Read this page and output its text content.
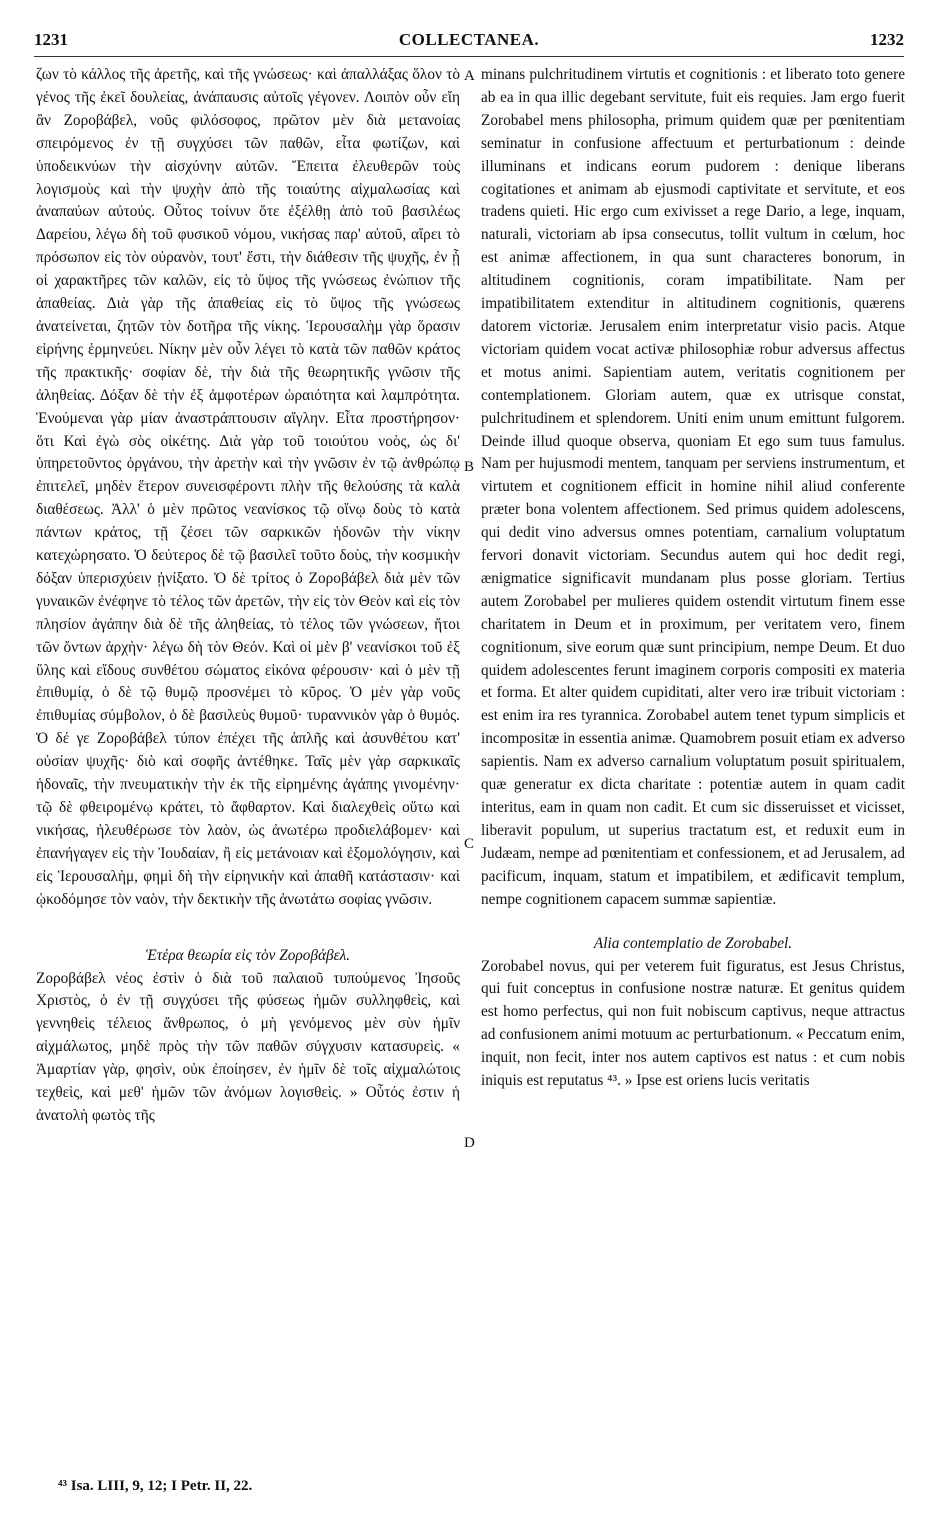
1231	COLLECTANEA.	1232

ζων τὸ κάλλος τῆς ἀρετῆς, καὶ τῆς γνώσεως· καὶ ἀπαλλάξας ὅλον τὸ γένος τῆς ἐκεῖ δουλείας, ἀνάπαυσις αὐτοῖς γέγονεν. Λοιπὸν οὖν εἴη ἂν Ζοροβάβελ, νοῦς φιλόσοφος, πρῶτον μὲν διὰ μετανοίας σπειρόμενος ἐν τῇ συγχύσει τῶν παθῶν, εἶτα φωτίζων, καὶ ὑποδεικνύων τὴν αἰσχύνην αὐτῶν. Ἔπειτα ἐλευθερῶν τοὺς λογισμοὺς καὶ τὴν ψυχὴν ἀπὸ τῆς τοιαύτης αἰχμαλωσίας καὶ ἀναπαύων αὐτούς. Οὗτος τοίνυν ὅτε ἐξέλθῃ ἀπὸ τοῦ βασιλέως Δαρείου, λέγω δὴ τοῦ φυσικοῦ νόμου, νικήσας παρ' αὐτοῦ, αἴρει τὸ πρόσωπον εἰς τὸν οὐρανὸν, τουτ' ἔστι, τὴν διάθεσιν τῆς ψυχῆς, ἐν ᾗ οἱ χαρακτῆρες τῶν καλῶν, εἰς τὸ ὕψος τῆς γνώσεως ἐνώπιον τῆς ἀπαθείας. Διὰ γὰρ τῆς ἀπαθείας εἰς τὸ ὕψος τῆς γνώσεως ἀνατείνεται, ζητῶν τὸν δοτῆρα τῆς νίκης. Ἱερουσαλὴμ γὰρ ὅρασιν εἰρήνης ἑρμηνεύει. Νίκην μὲν οὖν λέγει τὸ κατὰ τῶν παθῶν κράτος τῆς πρακτικῆς· σοφίαν δὲ, τὴν διὰ τῆς θεωρητικῆς γνῶσιν τῆς ἀληθείας. Δόξαν δὲ τὴν ἐξ ἀμφοτέρων ὡραιότητα καὶ λαμπρότητα. Ἑνούμεναι γὰρ μίαν ἀναστράπτουσιν αἴγλην. Εἶτα προστήρησον· ὅτι Καὶ ἐγὼ σὸς οἰκέτης. Διὰ γὰρ τοῦ τοιούτου νοὸς, ὡς δι' ὑπηρετοῦντος ὀργάνου, τὴν ἀρετὴν καὶ τὴν γνῶσιν ἐν τῷ ἀνθρώπῳ ἐπιτελεῖ, μηδὲν ἕτερον συνεισφέροντι πλὴν τῆς θελούσης τὰ καλὰ διαθέσεως. Ἀλλ' ὁ μὲν πρῶτος νεανίσκος τῷ οἴνῳ δοὺς τὸ κατὰ πάντων κράτος, τῇ ζέσει τῶν σαρκικῶν ἡδονῶν τὴν νίκην κατεχώρησατο. Ὁ δεύτερος δὲ τῷ βασιλεῖ τοῦτο δοὺς, τὴν κοσμικὴν δόξαν ὑπερισχύειν ᾐνίξατο. Ὁ δὲ τρίτος ὁ Ζοροβάβελ διὰ μὲν τῶν γυναικῶν ἐνέφηνε τὸ τέλος τῶν ἀρετῶν, τὴν εἰς τὸν Θεὸν καὶ εἰς τὸν πλησίον ἀγάπην διὰ δὲ τῆς ἀληθείας, τὸ τέλος τῶν γνώσεων, ἤτοι τῶν ὄντων ἀρχὴν· λέγω δὴ τὸν Θεόν. Καὶ οἱ μὲν β' νεανίσκοι τοῦ ἐξ ὕλης καὶ εἴδους συνθέτου σώματος εἰκόνα φέρουσιν· καὶ ὁ μὲν τῇ ἐπιθυμίᾳ, ὁ δὲ τῷ θυμῷ προσνέμει τὸ κῦρος. Ὁ μὲν γὰρ νοῦς ἐπιθυμίας σύμβολον, ὁ δὲ βασιλεὺς θυμοῦ· τυραννικὸν γὰρ ὁ θυμός. Ὁ δέ γε Ζοροβάβελ τύπον ἐπέχει τῆς ἁπλῆς καὶ ἀσυνθέτου κατ' οὐσίαν ψυχῆς· διὸ καὶ σοφῆς ἀντέθηκε. Ταῖς μὲν γὰρ σαρκικαῖς ἡδοναῖς, τὴν πνευματικὴν τὴν ἐκ τῆς εἰρημένης ἀγάπης γινομένην· τῷ δὲ φθειρομένῳ κράτει, τὸ ἄφθαρτον. Καὶ διαλεχθεὶς οὕτω καὶ νικήσας, ἠλευθέρωσε τὸν λαὸν, ὡς ἀνωτέρω προδιελάβομεν· καὶ ἐπανήγαγεν εἰς τὴν Ἰουδαίαν, ἢ εἰς μετάνοιαν καὶ ἐξομολόγησιν, καὶ εἰς Ἱερουσαλὴμ, φημὶ δὴ τὴν εἰρηνικὴν καὶ ἀπαθῆ κατάστασιν· καὶ ᾠκοδόμησε τὸν ναὸν, τὴν δεκτικὴν τῆς ἀνωτάτω σοφίας γνῶσιν.

Ἑτέρα θεωρία εἰς τὸν Ζοροβάβελ.

Ζοροβάβελ νέος ἐστὶν ὁ διὰ τοῦ παλαιοῦ τυπούμενος Ἰησοῦς Χριστὸς, ὁ ἐν τῇ συγχύσει τῆς φύσεως ἡμῶν συλληφθεὶς, καὶ γεννηθεὶς τέλειος ἄνθρωπος, ὁ μὴ γενόμενος μὲν σὺν ἡμῖν αἰχμάλωτος, μηδὲ πρὸς τὴν τῶν παθῶν σύγχυσιν κατασυρεὶς. « Ἁμαρτίαν γὰρ, φησὶν, οὐκ ἐποίησεν, ἐν ἡμῖν δὲ τοῖς αἰχμαλώτοις τεχθεὶς, καὶ μεθ' ἡμῶν τῶν ἀνόμων λογισθεὶς. » Οὗτός ἐστιν ἡ ἀνατολὴ φωτὸς τῆς

minans pulchritudinem virtutis et cognitionis : et liberato toto genere ab ea in qua illic degebant servitute, fuit eis requies. Jam ergo fuerit Zorobabel mens philosopha, primum quidem quæ per pœnitentiam seminatur in confusione affectuum et perturbationum : deinde illuminans et indicans eorum pudorem : denique liberans cogitationes et animam ab ejusmodi captivitate et servitute, et eos tradens quieti. Hic ergo cum exivisset a rege Dario, a lege, inquam, naturali, victoriam ab ipsa consecutus, tollit vultum in cœlum, hoc est animæ affectionem, in qua sunt characteres bonorum, in altitudinem cognitionis, coram impatibilitate. Nam per impatibilitatem extenditur in altitudinem cognitionis, quærens datorem victoriæ. Jerusalem enim interpretatur visio pacis. Atque victoriam quidem vocat activæ philosophiæ robur adversus affectus et motus animi. Sapientiam autem, veritatis cognitionem per contemplationem. Gloriam autem, quæ ex utrisque constat, pulchritudinem et splendorem. Uniti enim unum emittunt fulgorem. Deinde illud quoque observa, quoniam Et ego sum tuus famulus. Nam per hujusmodi mentem, tanquam per serviens instrumentum, et virtutem et cognitionem efficit in homine nihil aliud conferente præter bona volentem affectionem. Sed primus quidem adolescens, qui dedit vino adversus omnes potentiam, carnalium voluptatum fervori donavit victoriam. Secundus autem qui hoc dedit regi, ænigmatice significavit mundanam plus posse gloriam. Tertius autem Zorobabel per mulieres quidem ostendit virtutum finem esse charitatem in Deum et in proximum, per veritatem vero, finem cognitionum, sive eorum quæ sunt principium, nempe Deum. Et duo quidem adolescentes ferunt imaginem corporis compositi ex materia et forma. Et alter quidem cupiditati, alter vero iræ tribuit victoriam : est enim ira res tyrannica. Zorobabel autem tenet typum simplicis et incompositæ in essentia animæ. Quamobrem posuit etiam ex adverso sapientis. Nam ex adverso carnalium voluptatum posuit spiritualem, quæ generatur ex dicta charitate : potentiæ autem in quam cadit interitus, eam in quam non cadit. Et cum sic disseruisset et vicisset, liberavit populum, ut superius tractatum est, et reduxit eum in Judæam, nempe ad pœnitentiam et confessionem, et ad Jerusalem, ad pacificum, inquam, statum et impatibilem, et ædificavit templum, nempe cognitionem capacem summæ sapientiæ.

Alia contemplatio de Zorobabel.

Zorobabel novus, qui per veterem fuit figuratus, est Jesus Christus, qui fuit conceptus in confusione nostræ naturæ. Et genitus quidem est homo perfectus, qui non fuit nobiscum captivus, neque attractus ad confusionem animi motuum ac perturbationum. « Peccatum enim, inquit, non fecit, inter nos autem captivos est natus : et cum nobis iniquis est reputatus ⁴³. » Ipse est oriens lucis veritatis

A
B
C
D
⁴³ Isa. LIII, 9, 12; I Petr. II, 22.
